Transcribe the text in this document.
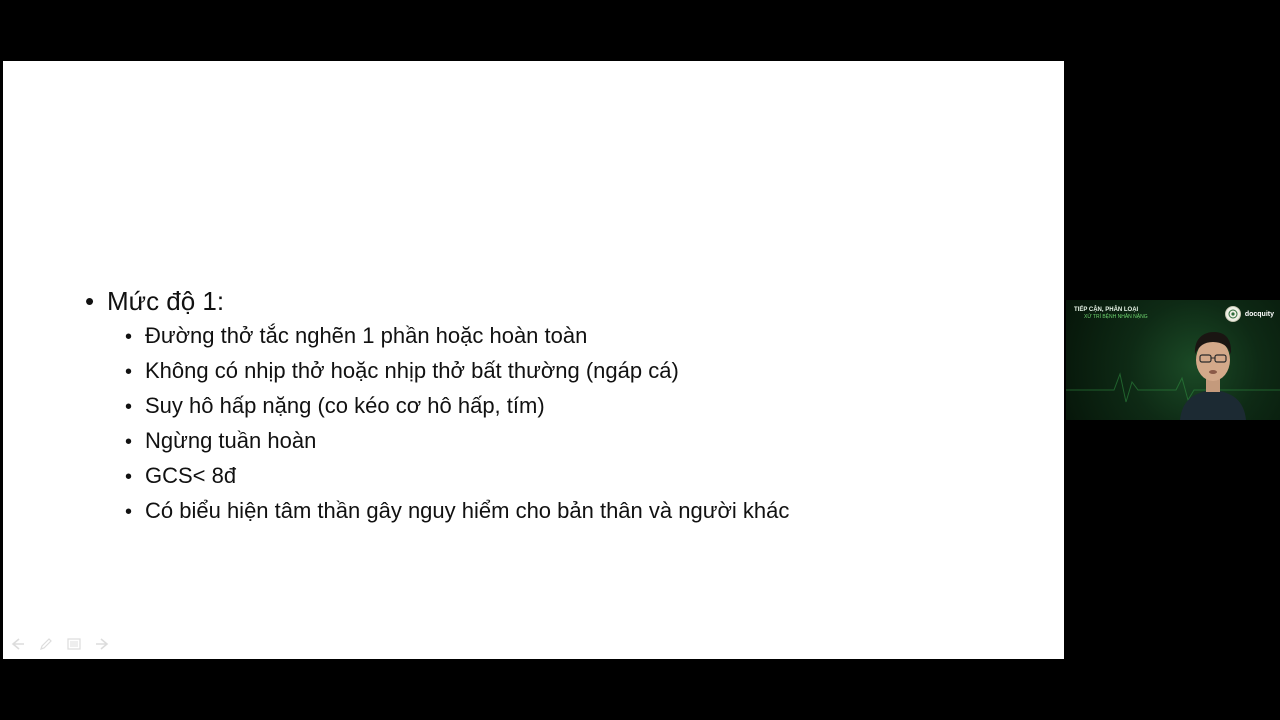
• Mức độ 1:
• Đường thở tắc nghẽn 1 phần hoặc hoàn toàn
• Không có nhịp thở hoặc nhịp thở bất thường (ngáp cá)
• Suy hô hấp nặng (co kéo cơ hô hấp, tím)
• Ngừng tuần hoàn
• GCS< 8đ
• Có biểu hiện tâm thần gây nguy hiểm cho bản thân và người khác
TIẾP CẬN, PHÂN LOẠI
XỬ TRÍ BỆNH NHÂN NẶNG	docquity
